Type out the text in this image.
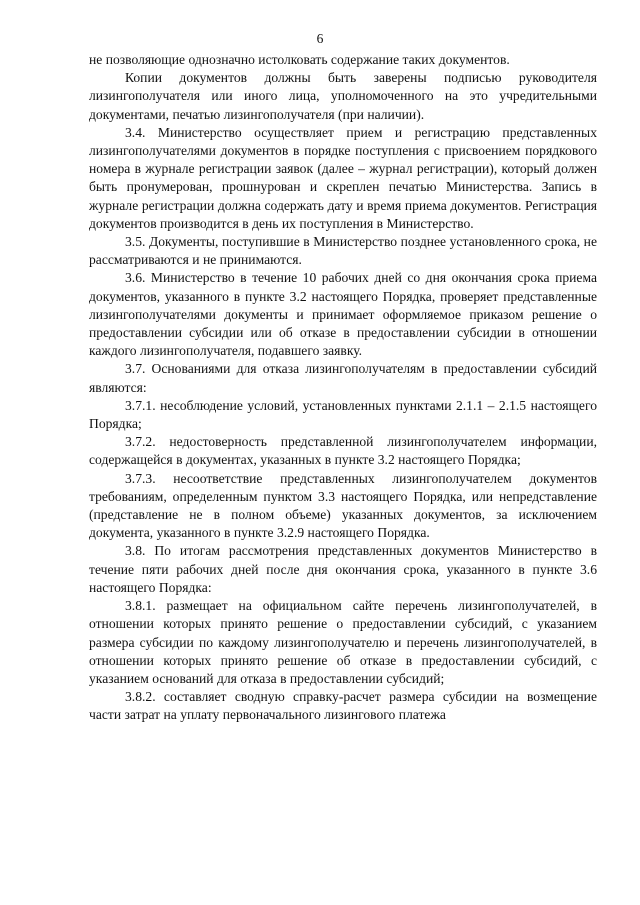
6

не позволяющие однозначно истолковать содержание таких документов.

Копии документов должны быть заверены подписью руководителя лизингополучателя или иного лица, уполномоченного на это учредительными документами, печатью лизингополучателя (при наличии).

3.4. Министерство осуществляет прием и регистрацию представленных лизингополучателями документов в порядке поступления с присвоением порядкового номера в журнале регистрации заявок (далее – журнал регистрации), который должен быть пронумерован, прошнурован и скреплен печатью Министерства. Запись в журнале регистрации должна содержать дату и время приема документов. Регистрация документов производится в день их поступления в Министерство.

3.5. Документы, поступившие в Министерство позднее установленного срока, не рассматриваются и не принимаются.

3.6. Министерство в течение 10 рабочих дней со дня окончания срока приема документов, указанного в пункте 3.2 настоящего Порядка, проверяет представленные лизингополучателями документы и принимает оформляемое приказом решение о предоставлении субсидии или об отказе в предоставлении субсидии в отношении каждого лизингополучателя, подавшего заявку.

3.7. Основаниями для отказа лизингополучателям в предоставлении субсидий являются:

3.7.1. несоблюдение условий, установленных пунктами 2.1.1 – 2.1.5 настоящего Порядка;

3.7.2. недостоверность представленной лизингополучателем информации, содержащейся в документах, указанных в пункте 3.2 настоящего Порядка;

3.7.3. несоответствие представленных лизингополучателем документов требованиям, определенным пунктом 3.3 настоящего Порядка, или непредставление (представление не в полном объеме) указанных документов, за исключением документа, указанного в пункте 3.2.9 настоящего Порядка.

3.8. По итогам рассмотрения представленных документов Министерство в течение пяти рабочих дней после дня окончания срока, указанного в пункте 3.6 настоящего Порядка:

3.8.1. размещает на официальном сайте перечень лизингополучателей, в отношении которых принято решение о предоставлении субсидий, с указанием размера субсидии по каждому лизингополучателю и перечень лизингополучателей, в отношении которых принято решение об отказе в предоставлении субсидий, с указанием оснований для отказа в предоставлении субсидий;

3.8.2. составляет сводную справку-расчет размера субсидии на возмещение части затрат на уплату первоначального лизингового платежа
